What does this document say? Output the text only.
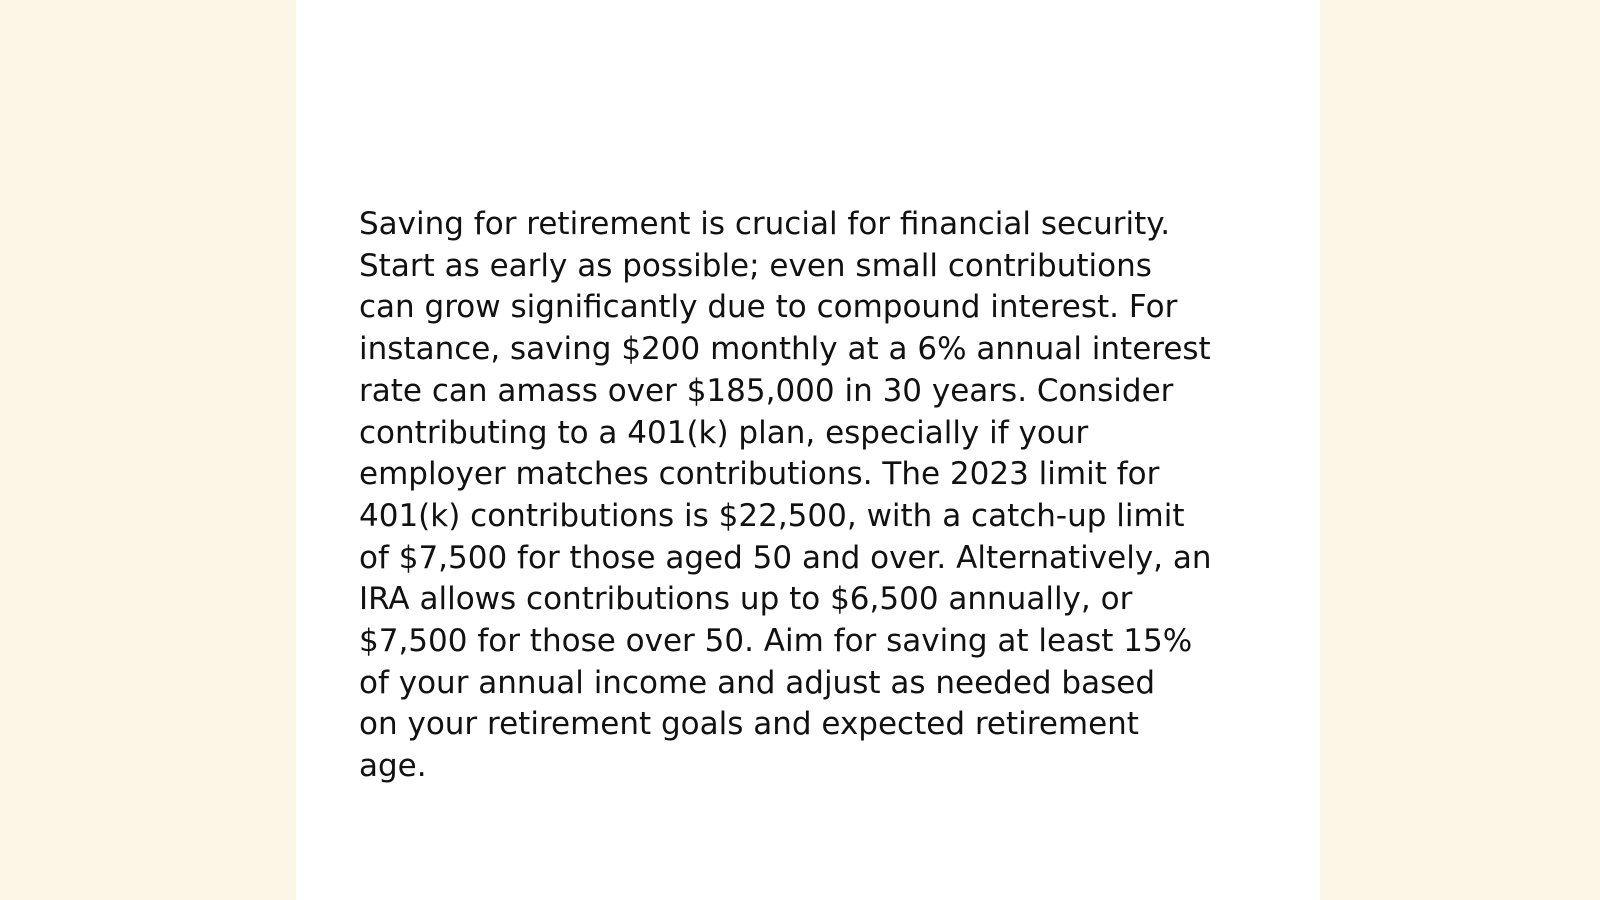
Saving for retirement is crucial for financial security.
Start as early as possible; even small contributions
can grow significantly due to compound interest. For
instance, saving $200 monthly at a 6% annual interest
rate can amass over $185,000 in 30 years. Consider
contributing to a 401(k) plan, especially if your
employer matches contributions. The 2023 limit for
401(k) contributions is $22,500, with a catch-up limit
of $7,500 for those aged 50 and over. Alternatively, an
IRA allows contributions up to $6,500 annually, or
$7,500 for those over 50. Aim for saving at least 15%
of your annual income and adjust as needed based
on your retirement goals and expected retirement
age.
